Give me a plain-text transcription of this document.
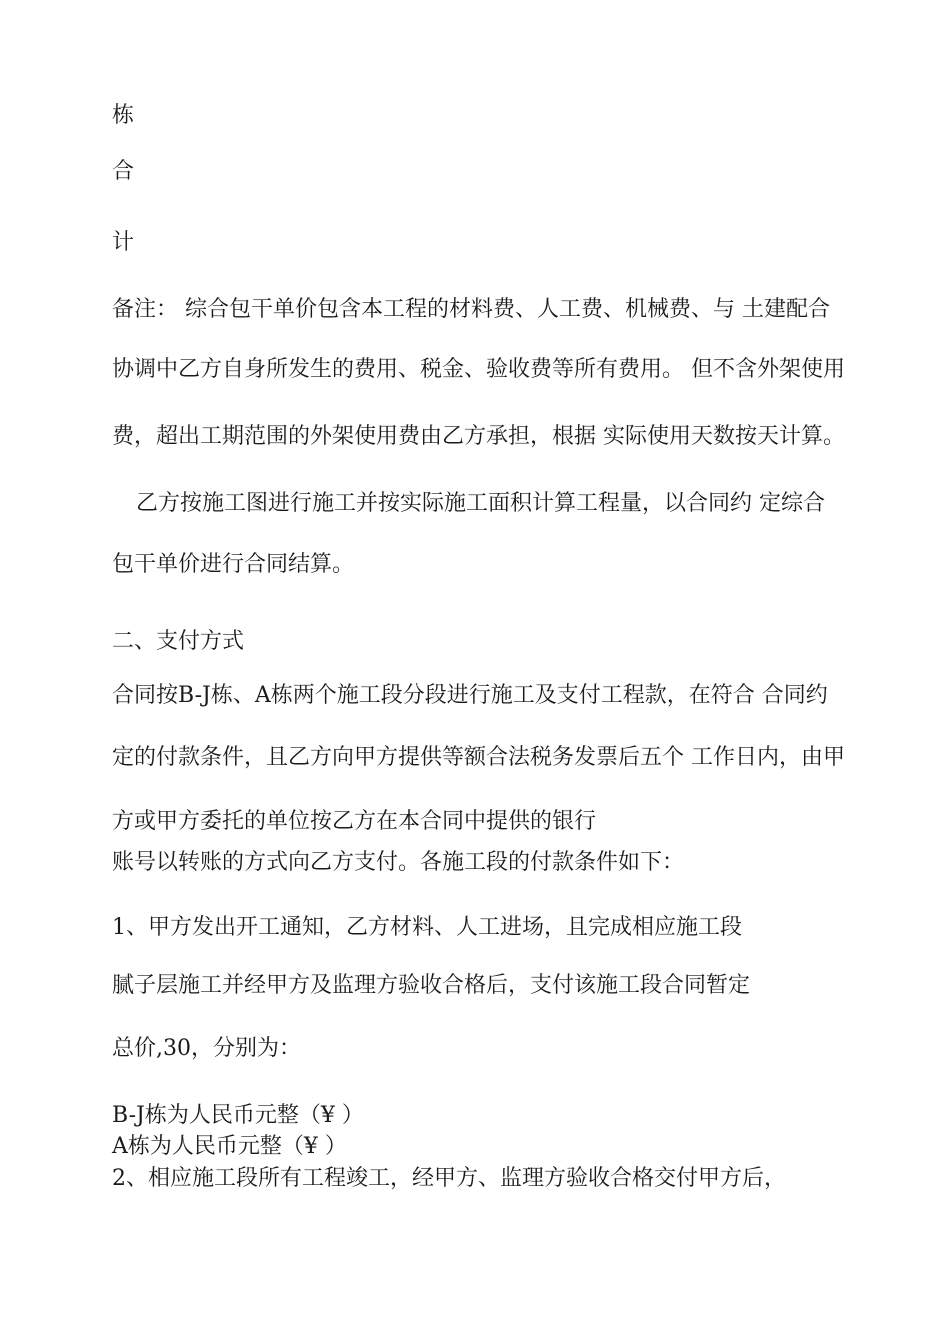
栋

合

计

备注： 综合包干单价包含本工程的材料费、人工费、机械费、与 土建配合

协调中乙方自身所发生的费用、税金、验收费等所有费用。 但不含外架使用

费，超出工期范围的外架使用费由乙方承担，根据 实际使用天数按天计算。

乙方按施工图进行施工并按实际施工面积计算工程量，以合同约 定综合

包干单价进行合同结算。

二、支付方式

合同按B-J栋、A栋两个施工段分段进行施工及支付工程款，在符合 合同约

定的付款条件，且乙方向甲方提供等额合法税务发票后五个 工作日内，由甲

方或甲方委托的单位按乙方在本合同中提供的银行

账号以转账的方式向乙方支付。各施工段的付款条件如下：

1、甲方发出开工通知，乙方材料、人工进场，且完成相应施工段

腻子层施工并经甲方及监理方验收合格后，支付该施工段合同暂定

总价,30，分别为：

B-J栋为人民币元整（¥ ）

A栋为人民币元整（¥ ）

2、相应施工段所有工程竣工，经甲方、监理方验收合格交付甲方后，
